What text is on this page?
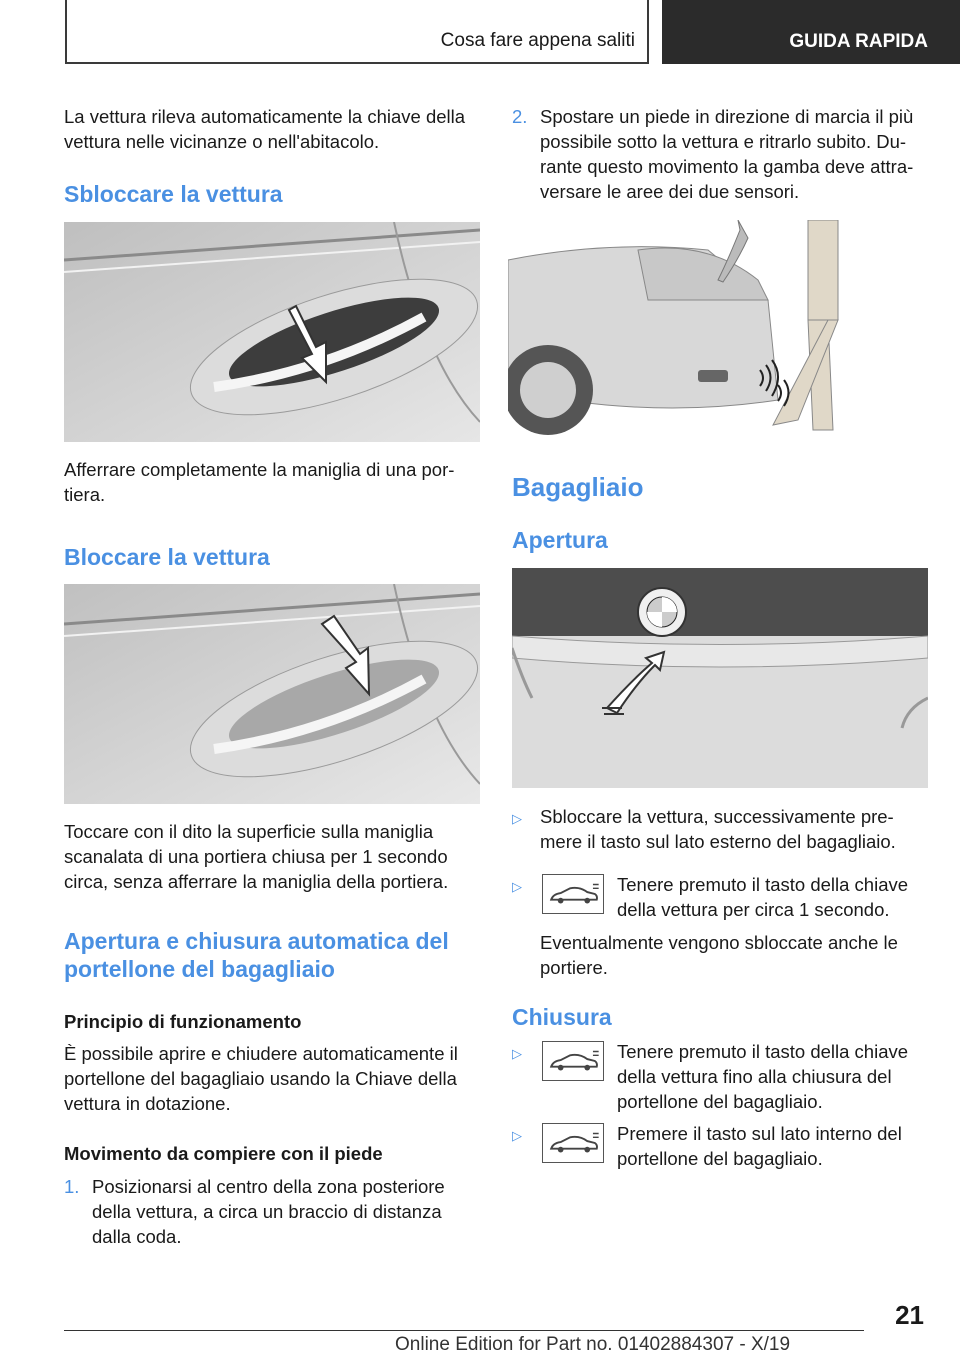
Cosa fare appena saliti	GUIDA RAPIDA

La vettura rileva automaticamente la chiave della vettura nelle vicinanze o nell'abitacolo.

Sbloccare la vettura

Afferrare completamente la maniglia di una por-tiera.

Bloccare la vettura

Toccare con il dito la superficie sulla maniglia scanalata di una portiera chiusa per 1 secondo circa, senza afferrare la maniglia della portiera.

Apertura e chiusura automatica del portellone del bagagliaio
Principio di funzionamento

È possibile aprire e chiudere automaticamente il portellone del bagagliaio usando la Chiave della vettura in dotazione.

Movimento da compiere con il piede
1. Posizionarsi al centro della zona posteriore della vettura, a circa un braccio di distanza dalla coda.
2. Spostare un piede in direzione di marcia il più possibile sotto la vettura e ritrarlo subito. Du-rante questo movimento la gamba deve attra-versare le aree dei due sensori.
Bagagliaio
Apertura
▷ Sbloccare la vettura, successivamente pre-mere il tasto sul lato esterno del bagagliaio.
▷	Tenere premuto il tasto della chiave della vettura per circa 1 secondo.

Eventualmente vengono sbloccate anche le portiere.

Chiusura
▷	Tenere premuto il tasto della chiave della vettura fino alla chiusura del portellone del bagagliaio.
▷	Premere il tasto sul lato interno del portellone del bagagliaio.
21
Online Edition for Part no. 01402884307 - X/19
